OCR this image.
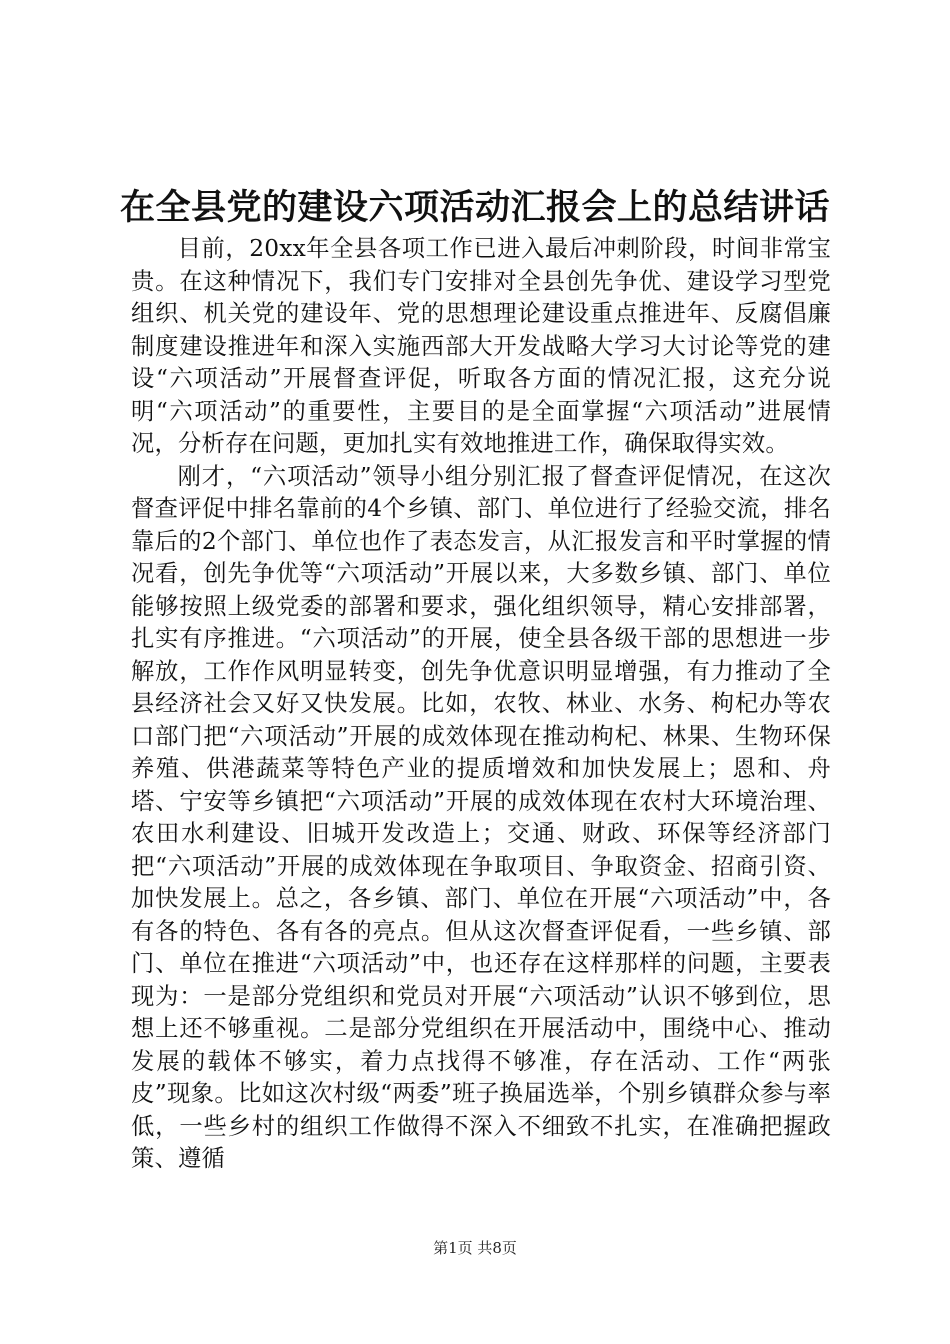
在全县党的建设六项活动汇报会上的总结讲话

目前，20xx年全县各项工作已进入最后冲刺阶段，时间非常宝贵。在这种情况下，我们专门安排对全县创先争优、建设学习型党组织、机关党的建设年、党的思想理论建设重点推进年、反腐倡廉制度建设推进年和深入实施西部大开发战略大学习大讨论等党的建设“六项活动”开展督查评促，听取各方面的情况汇报，这充分说明“六项活动”的重要性，主要目的是全面掌握“六项活动”进展情况，分析存在问题，更加扎实有效地推进工作，确保取得实效。

刚才，“六项活动”领导小组分别汇报了督查评促情况，在这次督查评促中排名靠前的4个乡镇、部门、单位进行了经验交流，排名靠后的2个部门、单位也作了表态发言，从汇报发言和平时掌握的情况看，创先争优等“六项活动”开展以来，大多数乡镇、部门、单位能够按照上级党委的部署和要求，强化组织领导，精心安排部署，扎实有序推进。“六项活动”的开展，使全县各级干部的思想进一步解放，工作作风明显转变，创先争优意识明显增强，有力推动了全县经济社会又好又快发展。比如，农牧、林业、水务、枸杞办等农口部门把“六项活动”开展的成效体现在推动枸杞、林果、生物环保养殖、供港蔬菜等特色产业的提质增效和加快发展上；恩和、舟塔、宁安等乡镇把“六项活动”开展的成效体现在农村大环境治理、农田水利建设、旧城开发改造上；交通、财政、环保等经济部门把“六项活动”开展的成效体现在争取项目、争取资金、招商引资、加快发展上。总之，各乡镇、部门、单位在开展“六项活动”中，各有各的特色、各有各的亮点。但从这次督查评促看，一些乡镇、部门、单位在推进“六项活动”中，也还存在这样那样的问题，主要表现为：一是部分党组织和党员对开展“六项活动”认识不够到位，思想上还不够重视。二是部分党组织在开展活动中，围绕中心、推动发展的载体不够实，着力点找得不够准，存在活动、工作“两张皮”现象。比如这次村级“两委”班子换届选举，个别乡镇群众参与率低，一些乡村的组织工作做得不深入不细致不扎实，在准确把握政策、遵循

第1页 共8页
